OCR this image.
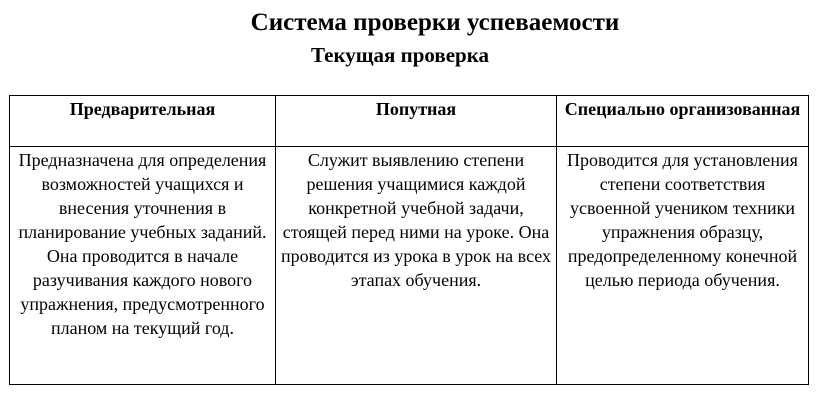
Система проверки успеваемости
Текущая проверка
Предварительная	Попутная	Специально организованная
Предназначена для определения возможностей учащихся и внесения уточнения в планирование учебных заданий. Она проводится в начале разучивания каждого нового упражнения, предусмотренного планом на текущий год.	Служит выявлению степени решения учащимися каждой конкретной учебной задачи, стоящей перед ними на уроке. Она проводится из урока в урок на всех этапах обучения.	Проводится для установления степени соответствия усвоенной учеником техники упражнения образцу, предопределенному конечной целью периода обучения.
